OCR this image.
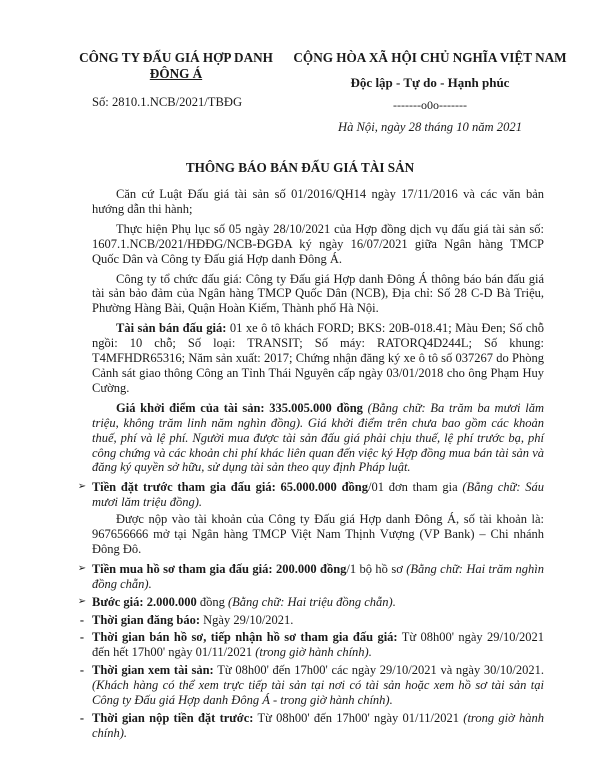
CÔNG TY ĐẤU GIÁ HỢP DANH
ĐÔNG Á
Số: 2810.1.NCB/2021/TBĐG
CỘNG HÒA XÃ HỘI CHỦ NGHĨA VIỆT NAM
Độc lập - Tự do - Hạnh phúc
-------o0o-------
Hà Nội, ngày 28 tháng 10 năm 2021
THÔNG BÁO BÁN ĐẤU GIÁ TÀI SẢN

Căn cứ Luật Đấu giá tài sản số 01/2016/QH14 ngày 17/11/2016 và các văn bản hướng dẫn thi hành;

Thực hiện Phụ lục số 05 ngày 28/10/2021 của Hợp đồng dịch vụ đấu giá tài sản số: 1607.1.NCB/2021/HĐĐG/NCB-ĐGĐA ký ngày 16/07/2021 giữa Ngân hàng TMCP Quốc Dân và Công ty Đấu giá Hợp danh Đông Á.

Công ty tổ chức đấu giá: Công ty Đấu giá Hợp danh Đông Á thông báo bán đấu giá tài sản bảo đảm của Ngân hàng TMCP Quốc Dân (NCB), Địa chỉ: Số 28 C-D Bà Triệu, Phường Hàng Bài, Quận Hoàn Kiếm, Thành phố Hà Nội.

Tài sản bán đấu giá: 01 xe ô tô khách FORD; BKS: 20B-018.41; Màu Đen; Số chỗ ngồi: 10 chỗ; Số loại: TRANSIT; Số máy: RATORQ4D244L; Số khung: T4MFHDR65316; Năm sản xuất: 2017; Chứng nhận đăng ký xe ô tô số 037267 do Phòng Cảnh sát giao thông Công an Tỉnh Thái Nguyên cấp ngày 03/01/2018 cho ông Phạm Huy Cường.

Giá khởi điểm của tài sản: 335.005.000 đồng (Bằng chữ: Ba trăm ba mươi lăm triệu, không trăm linh năm nghìn đồng). Giá khởi điểm trên chưa bao gồm các khoản thuế, phí và lệ phí. Người mua được tài sản đấu giá phải chịu thuế, lệ phí trước bạ, phí công chứng và các khoản chi phí khác liên quan đến việc ký Hợp đồng mua bán tài sản và đăng ký quyền sở hữu, sử dụng tài sản theo quy định Pháp luật.

➢ Tiền đặt trước tham gia đấu giá: 65.000.000 đồng/01 đơn tham gia (Bằng chữ: Sáu mươi lăm triệu đồng).

Được nộp vào tài khoản của Công ty Đấu giá Hợp danh Đông Á, số tài khoản là: 967656666 mở tại Ngân hàng TMCP Việt Nam Thịnh Vượng (VP Bank) – Chi nhánh Đông Đô.

➢ Tiền mua hồ sơ tham gia đấu giá: 200.000 đồng/1 bộ hồ sơ (Bằng chữ: Hai trăm nghìn đồng chẵn).
➢ Bước giá: 2.000.000 đồng (Bằng chữ: Hai triệu đồng chẵn).
- Thời gian đăng báo: Ngày 29/10/2021.
- Thời gian bán hồ sơ, tiếp nhận hồ sơ tham gia đấu giá: Từ 08h00' ngày 29/10/2021 đến hết 17h00' ngày 01/11/2021 (trong giờ hành chính).
- Thời gian xem tài sản: Từ 08h00' đến 17h00' các ngày 29/10/2021 và ngày 30/10/2021. (Khách hàng có thể xem trực tiếp tài sản tại nơi có tài sản hoặc xem hồ sơ tài sản tại Công ty Đấu giá Hợp danh Đông Á - trong giờ hành chính).
- Thời gian nộp tiền đặt trước: Từ 08h00' đến 17h00' ngày 01/11/2021 (trong giờ hành chính).
